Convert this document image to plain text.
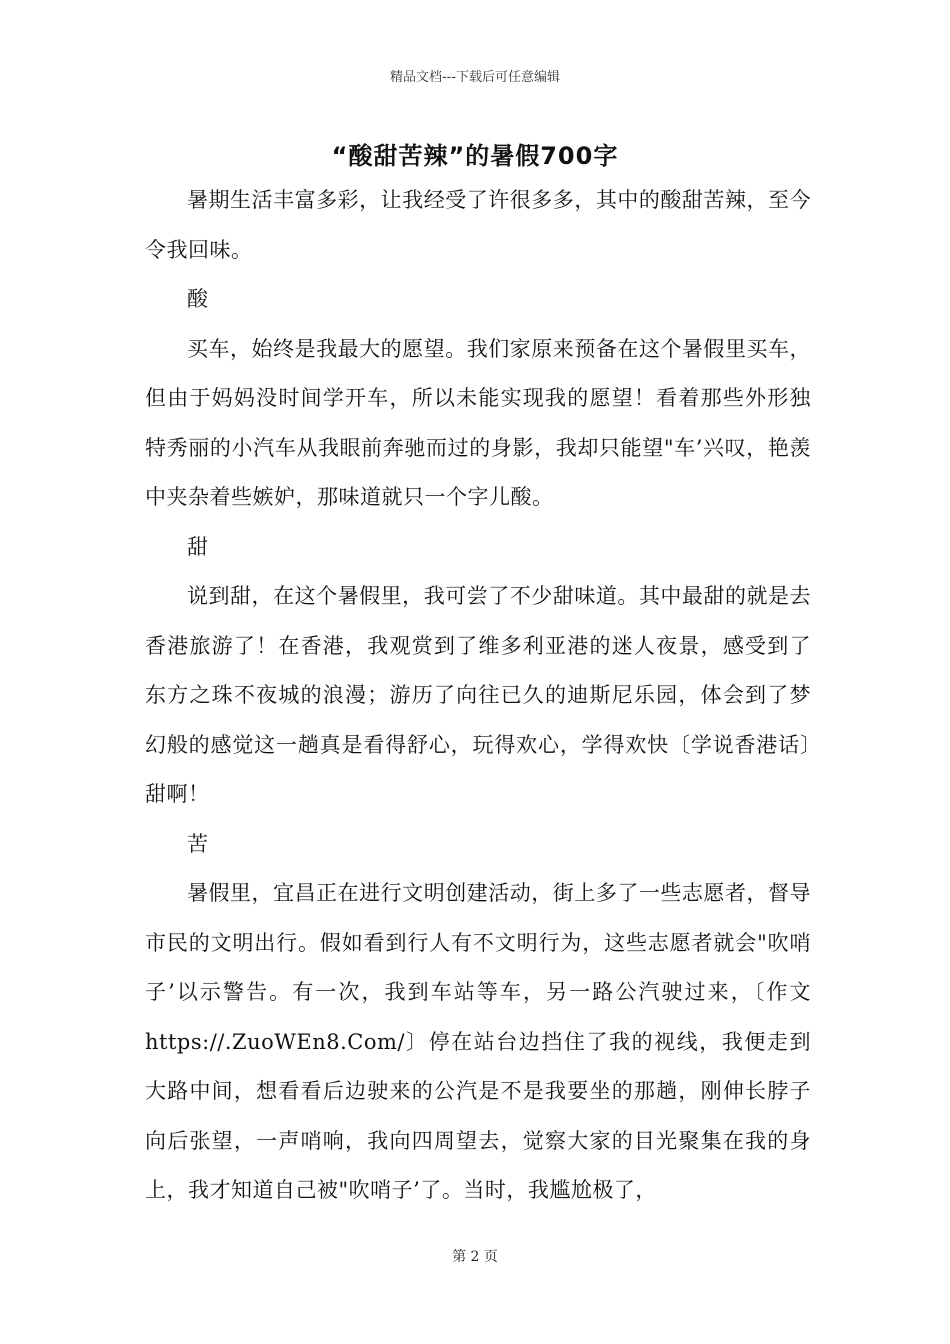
精品文档---下载后可任意编辑
“酸甜苦辣”的暑假700字

暑期生活丰富多彩，让我经受了许很多多，其中的酸甜苦辣，至今令我回味。

酸

买车，始终是我最大的愿望。我们家原来预备在这个暑假里买车，但由于妈妈没时间学开车，所以未能实现我的愿望！看着那些外形独特秀丽的小汽车从我眼前奔驰而过的身影，我却只能望"车’兴叹，艳羡中夹杂着些嫉妒，那味道就只一个字儿酸。

甜

说到甜，在这个暑假里，我可尝了不少甜味道。其中最甜的就是去香港旅游了！在香港，我观赏到了维多利亚港的迷人夜景，感受到了东方之珠不夜城的浪漫；游历了向往已久的迪斯尼乐园，体会到了梦幻般的感觉这一趟真是看得舒心，玩得欢心，学得欢快〔学说香港话〕甜啊！

苦

暑假里，宜昌正在进行文明创建活动，街上多了一些志愿者，督导市民的文明出行。假如看到行人有不文明行为，这些志愿者就会"吹哨子’以示警告。有一次，我到车站等车，另一路公汽驶过来，〔作文https://.ZuoWEn8.Com/〕停在站台边挡住了我的视线，我便走到大路中间，想看看后边驶来的公汽是不是我要坐的那趟，刚伸长脖子向后张望，一声哨响，我向四周望去，觉察大家的目光聚集在我的身上，我才知道自己被"吹哨子’了。当时，我尴尬极了，

第 2 页
